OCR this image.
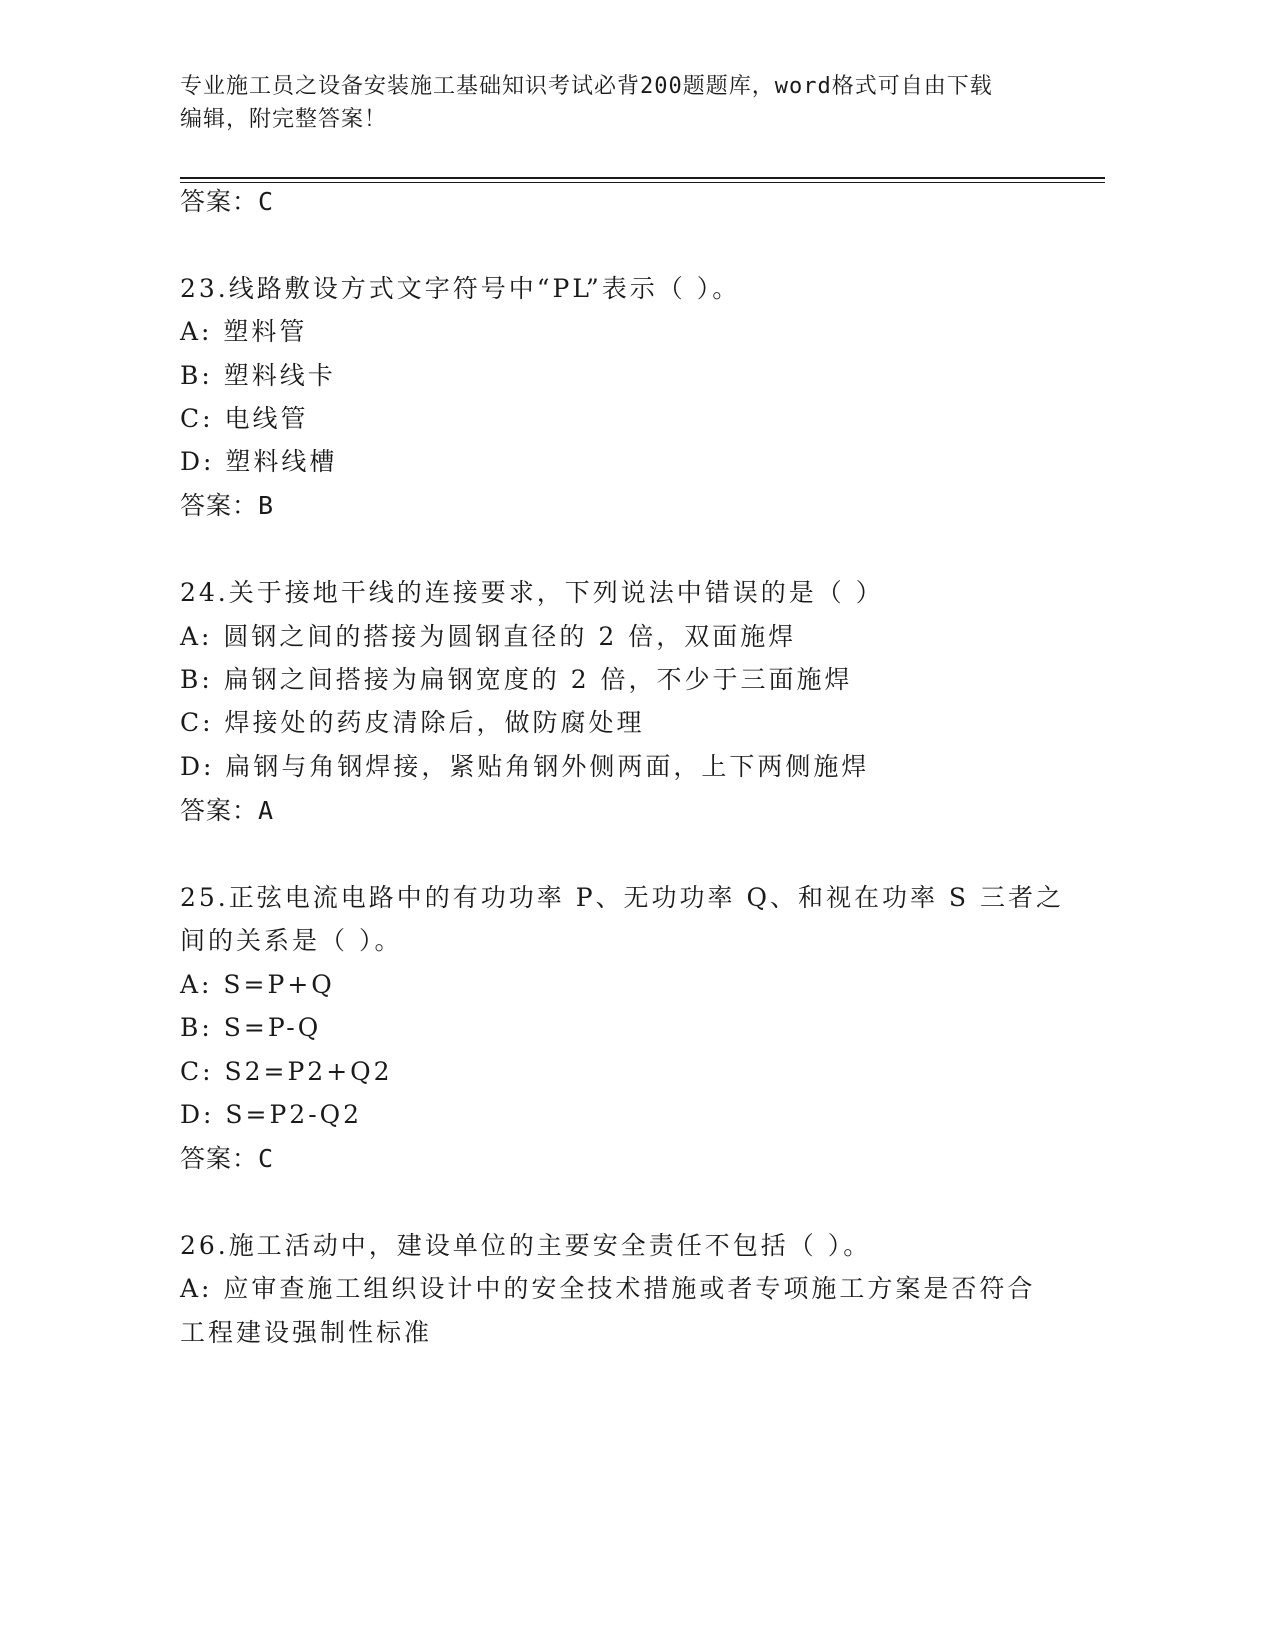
专业施工员之设备安装施工基础知识考试必背200题题库，word格式可自由下载
编辑，附完整答案！
答案：C
23.线路敷设方式文字符号中“PL”表示（ ）。
A: 塑料管
B: 塑料线卡
C: 电线管
D: 塑料线槽
答案：B
24.关于接地干线的连接要求，下列说法中错误的是（ ）
A: 圆钢之间的搭接为圆钢直径的 2 倍，双面施焊
B: 扁钢之间搭接为扁钢宽度的 2 倍，不少于三面施焊
C: 焊接处的药皮清除后，做防腐处理
D: 扁钢与角钢焊接，紧贴角钢外侧两面，上下两侧施焊
答案：A
25.正弦电流电路中的有功功率 P、无功功率 Q、和视在功率 S 三者之
间的关系是（ ）。
A: S=P+Q
B: S=P-Q
C: S2=P2+Q2
D: S=P2-Q2
答案：C
26.施工活动中，建设单位的主要安全责任不包括（ ）。
A: 应审查施工组织设计中的安全技术措施或者专项施工方案是否符合
工程建设强制性标准
